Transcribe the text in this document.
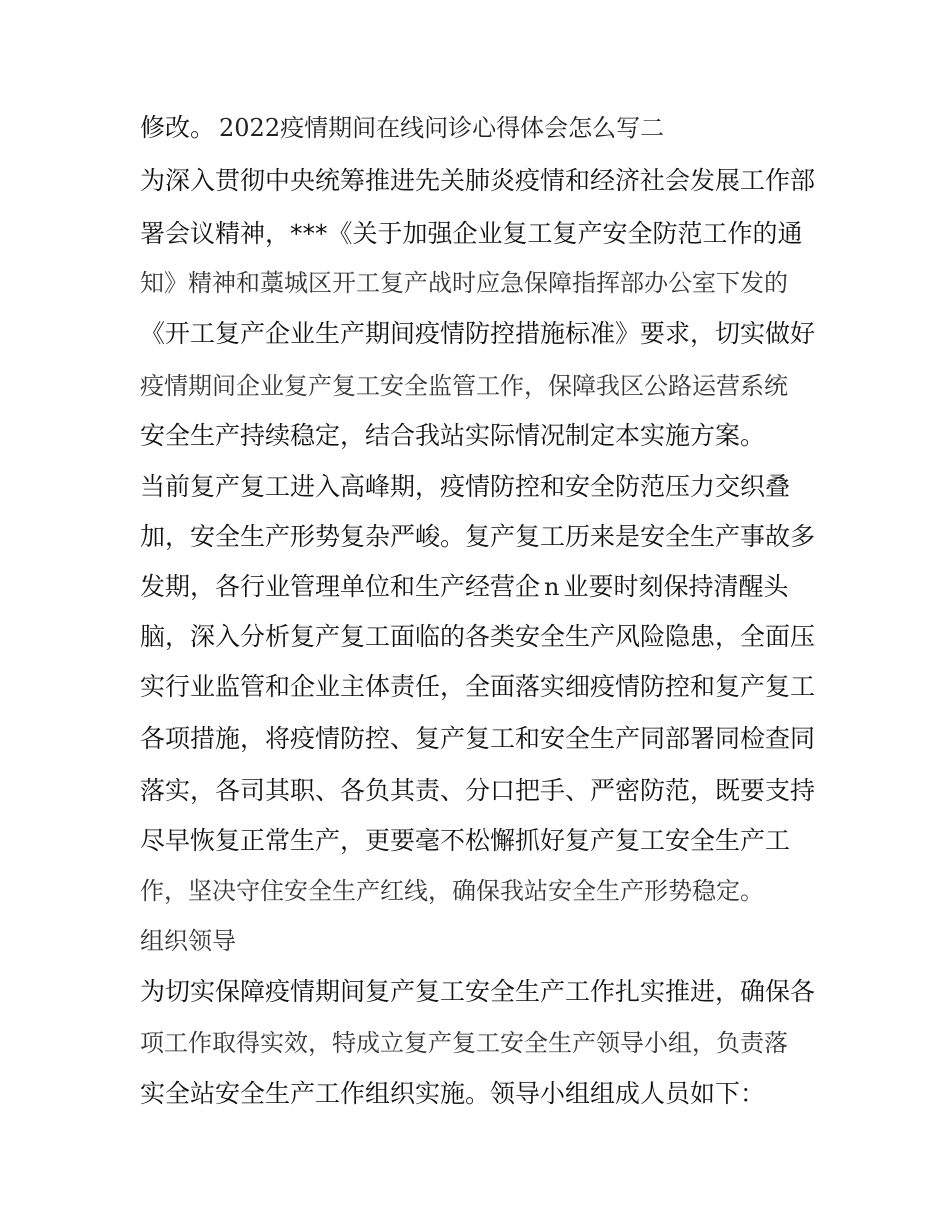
修改。 2022疫情期间在线问诊心得体会怎么写二
为深入贯彻中央统筹推进先关肺炎疫情和经济社会发展工作部
署会议精神，***《关于加强企业复工复产安全防范工作的通
知》精神和藁城区开工复产战时应急保障指挥部办公室下发的
《开工复产企业生产期间疫情防控措施标准》要求，切实做好
疫情期间企业复产复工安全监管工作，保障我区公路运营系统
安全生产持续稳定，结合我站实际情况制定本实施方案。
当前复产复工进入高峰期，疫情防控和安全防范压力交织叠
加，安全生产形势复杂严峻。复产复工历来是安全生产事故多
发期，各行业管理单位和生产经营企 n 业要时刻保持清醒头
脑，深入分析复产复工面临的各类安全生产风险隐患，全面压
实行业监管和企业主体责任，全面落实细疫情防控和复产复工
各项措施，将疫情防控、复产复工和安全生产同部署同检查同
落实，各司其职、各负其责、分口把手、严密防范，既要支持
尽早恢复正常生产，更要毫不松懈抓好复产复工安全生产工
作，坚决守住安全生产红线，确保我站安全生产形势稳定。
组织领导
为切实保障疫情期间复产复工安全生产工作扎实推进，确保各
项工作取得实效，特成立复产复工安全生产领导小组，负责落
实全站安全生产工作组织实施。领导小组组成人员如下：
